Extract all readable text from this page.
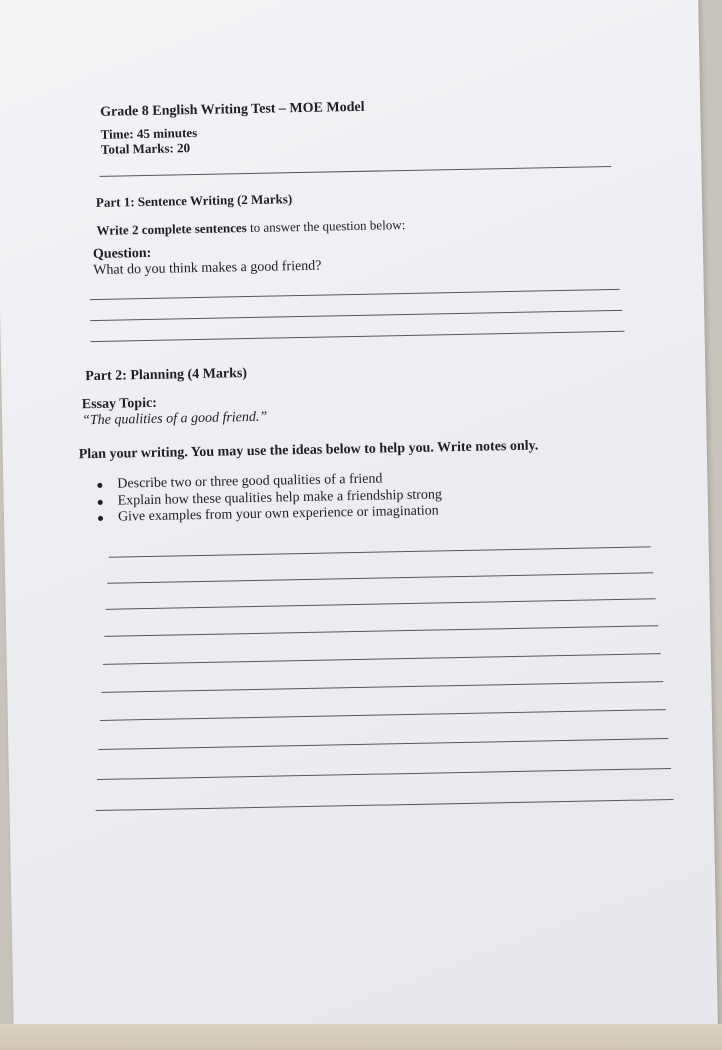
Grade 8 English Writing Test – MOE Model
Time: 45 minutes
Total Marks: 20
Part 1: Sentence Writing (2 Marks)
Write 2 complete sentences to answer the question below:
Question:
What do you think makes a good friend?
Part 2: Planning (4 Marks)
Essay Topic:
“The qualities of a good friend.”
Plan your writing. You may use the ideas below to help you. Write notes only.
Describe two or three good qualities of a friend
Explain how these qualities help make a friendship strong
Give examples from your own experience or imagination
